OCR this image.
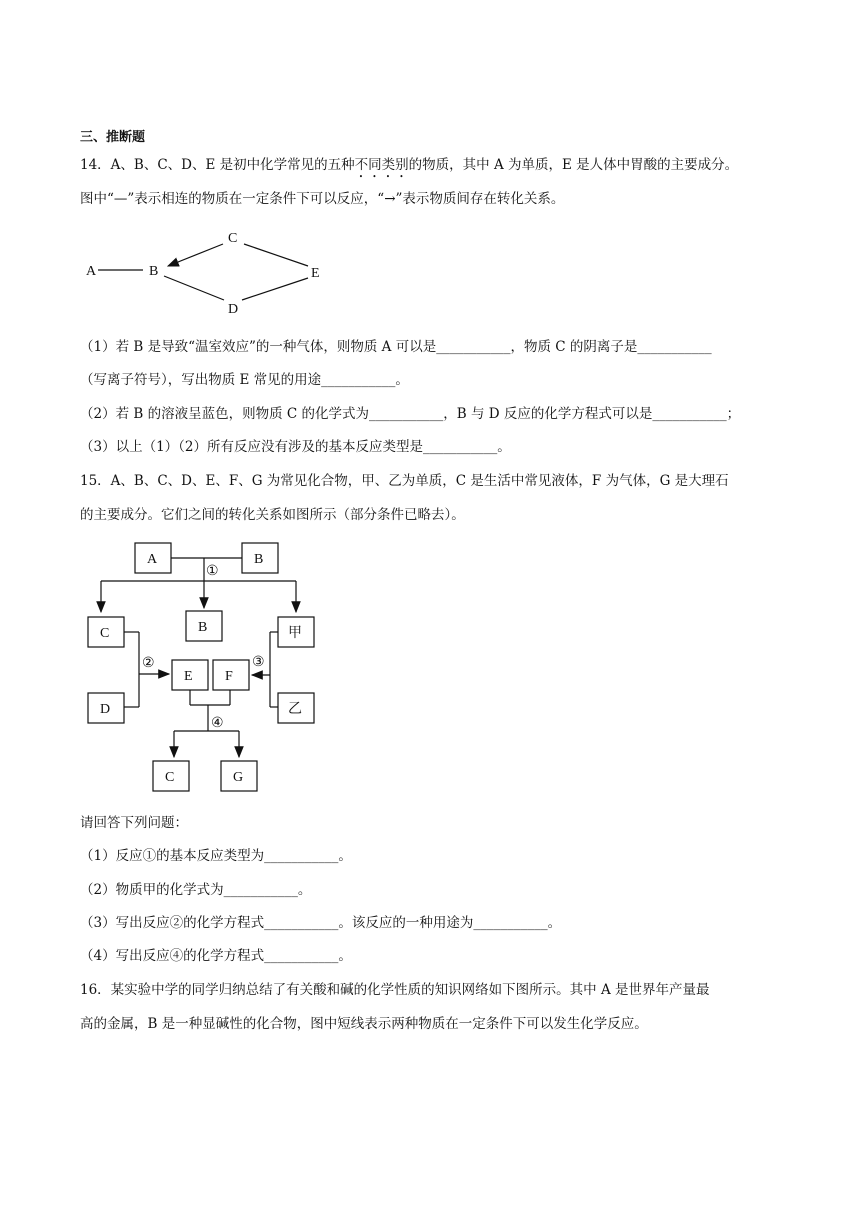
三、推断题
14．A、B、C、D、E 是初中化学常见的五种不同类别的物质，其中 A 为单质，E 是人体中胃酸的主要成分。
图中“—”表示相连的物质在一定条件下可以反应，“→”表示物质间存在转化关系。
A	B
C
D
E
（1）若 B 是导致“温室效应”的一种气体，则物质 A 可以是___________，物质 C 的阴离子是___________
（写离子符号），写出物质 E 常见的用途___________。
（2）若 B 的溶液呈蓝色，则物质 C 的化学式为___________，B 与 D 反应的化学方程式可以是___________；
（3）以上（1）（2）所有反应没有涉及的基本反应类型是___________。
15．A、B、C、D、E、F、G 为常见化合物，甲、乙为单质，C 是生活中常见液体，F 为气体，G 是大理石
的主要成分。它们之间的转化关系如图所示（部分条件已略去）。
A	B
①
C	B	甲
②
E F
③
D	乙
④
C	G
请回答下列问题：
（1）反应①的基本反应类型为___________。
（2）物质甲的化学式为___________。
（3）写出反应②的化学方程式___________。该反应的一种用途为___________。
（4）写出反应④的化学方程式___________。
16．某实验中学的同学归纳总结了有关酸和碱的化学性质的知识网络如下图所示。其中 A 是世界年产量最
高的金属，B 是一种显碱性的化合物，图中短线表示两种物质在一定条件下可以发生化学反应。
